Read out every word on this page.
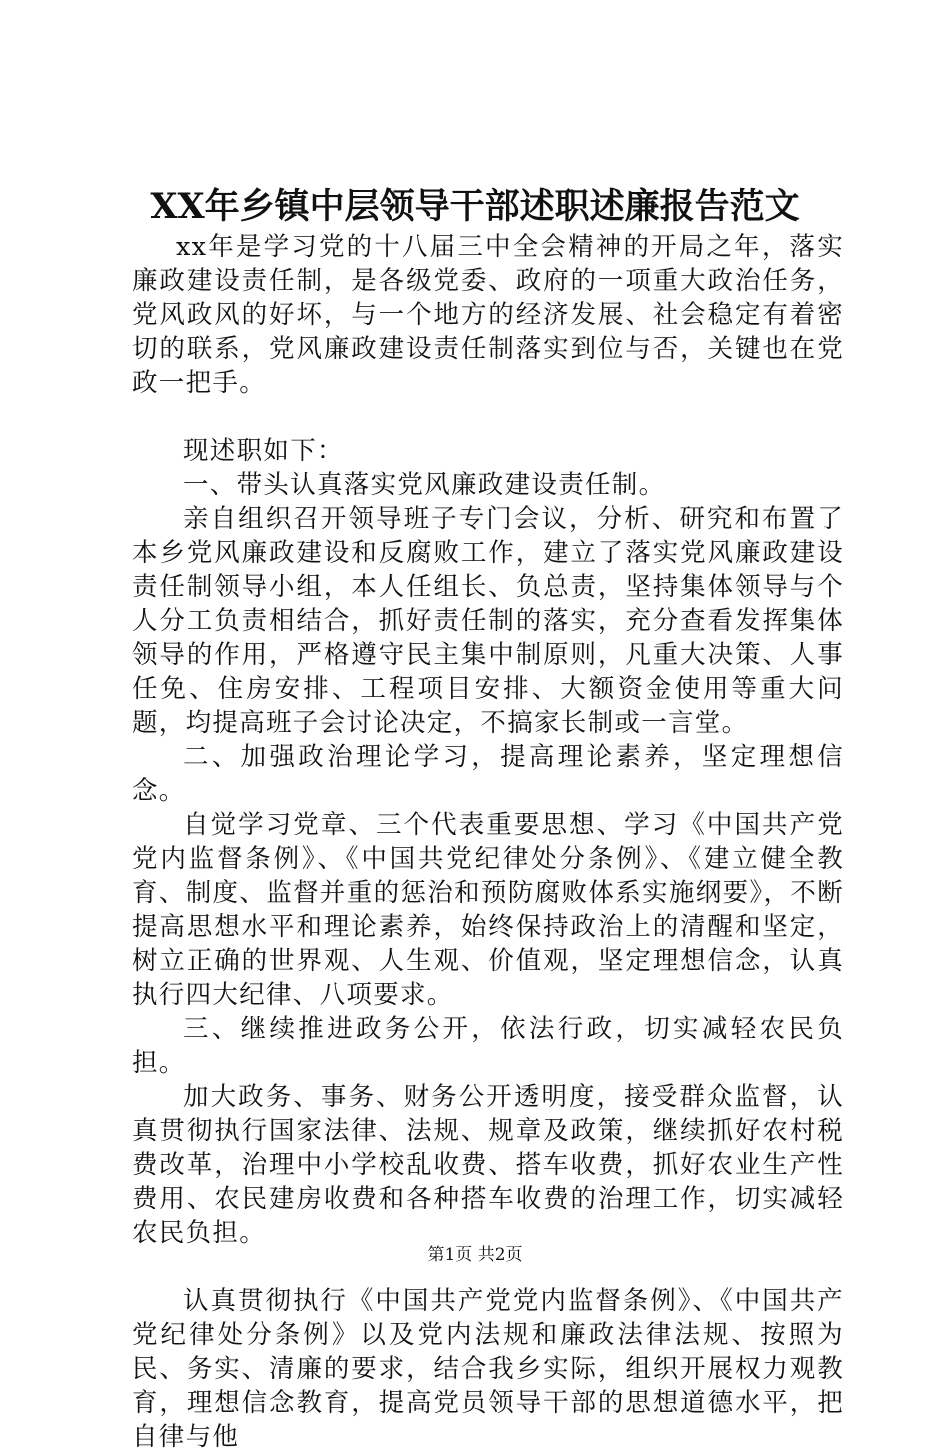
XX年乡镇中层领导干部述职述廉报告范文

xx年是学习党的十八届三中全会精神的开局之年，落实廉政建设责任制，是各级党委、政府的一项重大政治任务，党风政风的好坏，与一个地方的经济发展、社会稳定有着密切的联系，党风廉政建设责任制落实到位与否，关键也在党政一把手。

现述职如下：

一、带头认真落实党风廉政建设责任制。

亲自组织召开领导班子专门会议，分析、研究和布置了本乡党风廉政建设和反腐败工作，建立了落实党风廉政建设责任制领导小组，本人任组长、负总责，坚持集体领导与个人分工负责相结合，抓好责任制的落实，充分查看发挥集体领导的作用，严格遵守民主集中制原则，凡重大决策、人事任免、住房安排、工程项目安排、大额资金使用等重大问题，均提高班子会讨论决定，不搞家长制或一言堂。

二、加强政治理论学习，提高理论素养，坚定理想信念。

自觉学习党章、三个代表重要思想、学习《中国共产党党内监督条例》、《中国共党纪律处分条例》、《建立健全教育、制度、监督并重的惩治和预防腐败体系实施纲要》，不断提高思想水平和理论素养，始终保持政治上的清醒和坚定，树立正确的世界观、人生观、价值观，坚定理想信念，认真执行四大纪律、八项要求。

三、继续推进政务公开，依法行政，切实减轻农民负担。

加大政务、事务、财务公开透明度，接受群众监督，认真贯彻执行国家法律、法规、规章及政策，继续抓好农村税费改革，治理中小学校乱收费、搭车收费，抓好农业生产性费用、农民建房收费和各种搭车收费的治理工作，切实减轻农民负担。

认真贯彻执行《中国共产党党内监督条例》、《中国共产党纪律处分条例》以及党内法规和廉政法律法规、按照为民、务实、清廉的要求，结合我乡实际，组织开展权力观教育，理想信念教育，提高党员领导干部的思想道德水平，把自律与他

第1页 共2页
